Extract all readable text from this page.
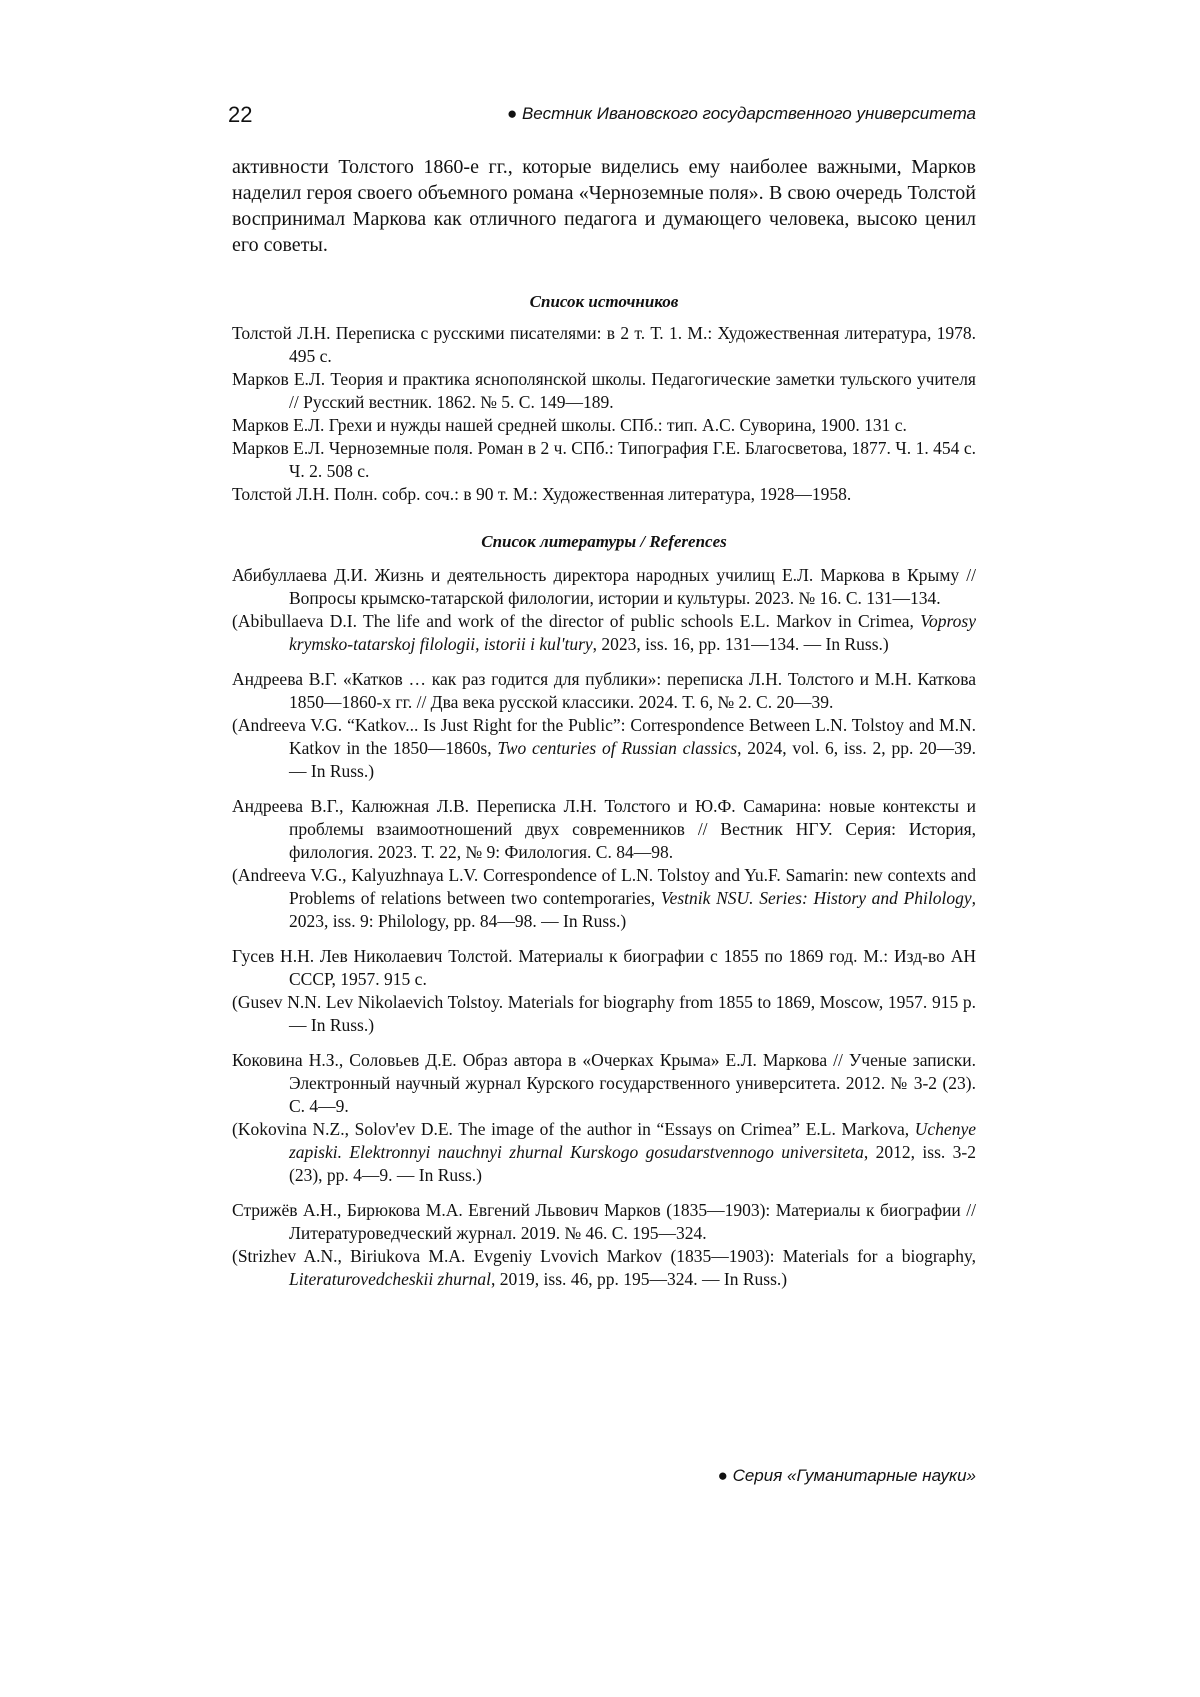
22	● Вестник Ивановского государственного университета

активности Толстого 1860-е гг., которые виделись ему наиболее важными, Марков наделил героя своего объемного романа «Черноземные поля». В свою очередь Толстой воспринимал Маркова как отличного педагога и думающего человека, высоко ценил его советы.

Список источников
Толстой Л.Н. Переписка с русскими писателями: в 2 т. Т. 1. М.: Художественная литература, 1978. 495 с.
Марков Е.Л. Теория и практика яснополянской школы. Педагогические заметки тульского учителя // Русский вестник. 1862. № 5. С. 149—189.
Марков Е.Л. Грехи и нужды нашей средней школы. СПб.: тип. А.С. Суворина, 1900. 131 с.
Марков Е.Л. Черноземные поля. Роман в 2 ч. СПб.: Типография Г.Е. Благосветова, 1877. Ч. 1. 454 с. Ч. 2. 508 с.
Толстой Л.Н. Полн. собр. соч.: в 90 т. М.: Художественная литература, 1928—1958.
Список литературы / References
Абибуллаева Д.И. Жизнь и деятельность директора народных училищ Е.Л. Маркова в Крыму // Вопросы крымско-татарской филологии, истории и культуры. 2023. № 16. С. 131—134.
(Abibullaeva D.I. The life and work of the director of public schools E.L. Markov in Crimea, Voprosy krymsko-tatarskoj filologii, istorii i kul'tury, 2023, iss. 16, pp. 131—134. — In Russ.)
Андреева В.Г. «Катков … как раз годится для публики»: переписка Л.Н. Толстого и М.Н. Каткова 1850—1860-х гг. // Два века русской классики. 2024. Т. 6, № 2. С. 20—39.
(Andreeva V.G. “Katkov... Is Just Right for the Public”: Correspondence Between L.N. Tolstoy and M.N. Katkov in the 1850—1860s, Two centuries of Russian classics, 2024, vol. 6, iss. 2, pp. 20—39. — In Russ.)
Андреева В.Г., Калюжная Л.В. Переписка Л.Н. Толстого и Ю.Ф. Самарина: новые контексты и проблемы взаимоотношений двух современников // Вестник НГУ. Серия: История, филология. 2023. Т. 22, № 9: Филология. С. 84—98.
(Andreeva V.G., Kalyuzhnaya L.V. Correspondence of L.N. Tolstoy and Yu.F. Samarin: new contexts and Problems of relations between two contemporaries, Vestnik NSU. Series: History and Philology, 2023, iss. 9: Philology, pp. 84—98. — In Russ.)
Гусев Н.Н. Лев Николаевич Толстой. Материалы к биографии с 1855 по 1869 год. М.: Изд-во АН СССР, 1957. 915 с.
(Gusev N.N. Lev Nikolaevich Tolstoy. Materials for biography from 1855 to 1869, Moscow, 1957. 915 p. — In Russ.)
Коковина Н.З., Соловьев Д.Е. Образ автора в «Очерках Крыма» Е.Л. Маркова // Ученые записки. Электронный научный журнал Курского государственного университета. 2012. № 3-2 (23). С. 4—9.
(Kokovina N.Z., Solov'ev D.E. The image of the author in “Essays on Crimea” E.L. Markova, Uchenye zapiski. Elektronnyi nauchnyi zhurnal Kurskogo gosudarstvennogo universiteta, 2012, iss. 3-2 (23), pp. 4—9. — In Russ.)
Стрижёв А.Н., Бирюкова М.А. Евгений Львович Марков (1835—1903): Материалы к биографии // Литературоведческий журнал. 2019. № 46. С. 195—324.
(Strizhev A.N., Biriukova M.A. Evgeniy Lvovich Markov (1835—1903): Materials for a biography, Literaturovedcheskii zhurnal, 2019, iss. 46, pp. 195—324. — In Russ.)
● Серия «Гуманитарные науки»
